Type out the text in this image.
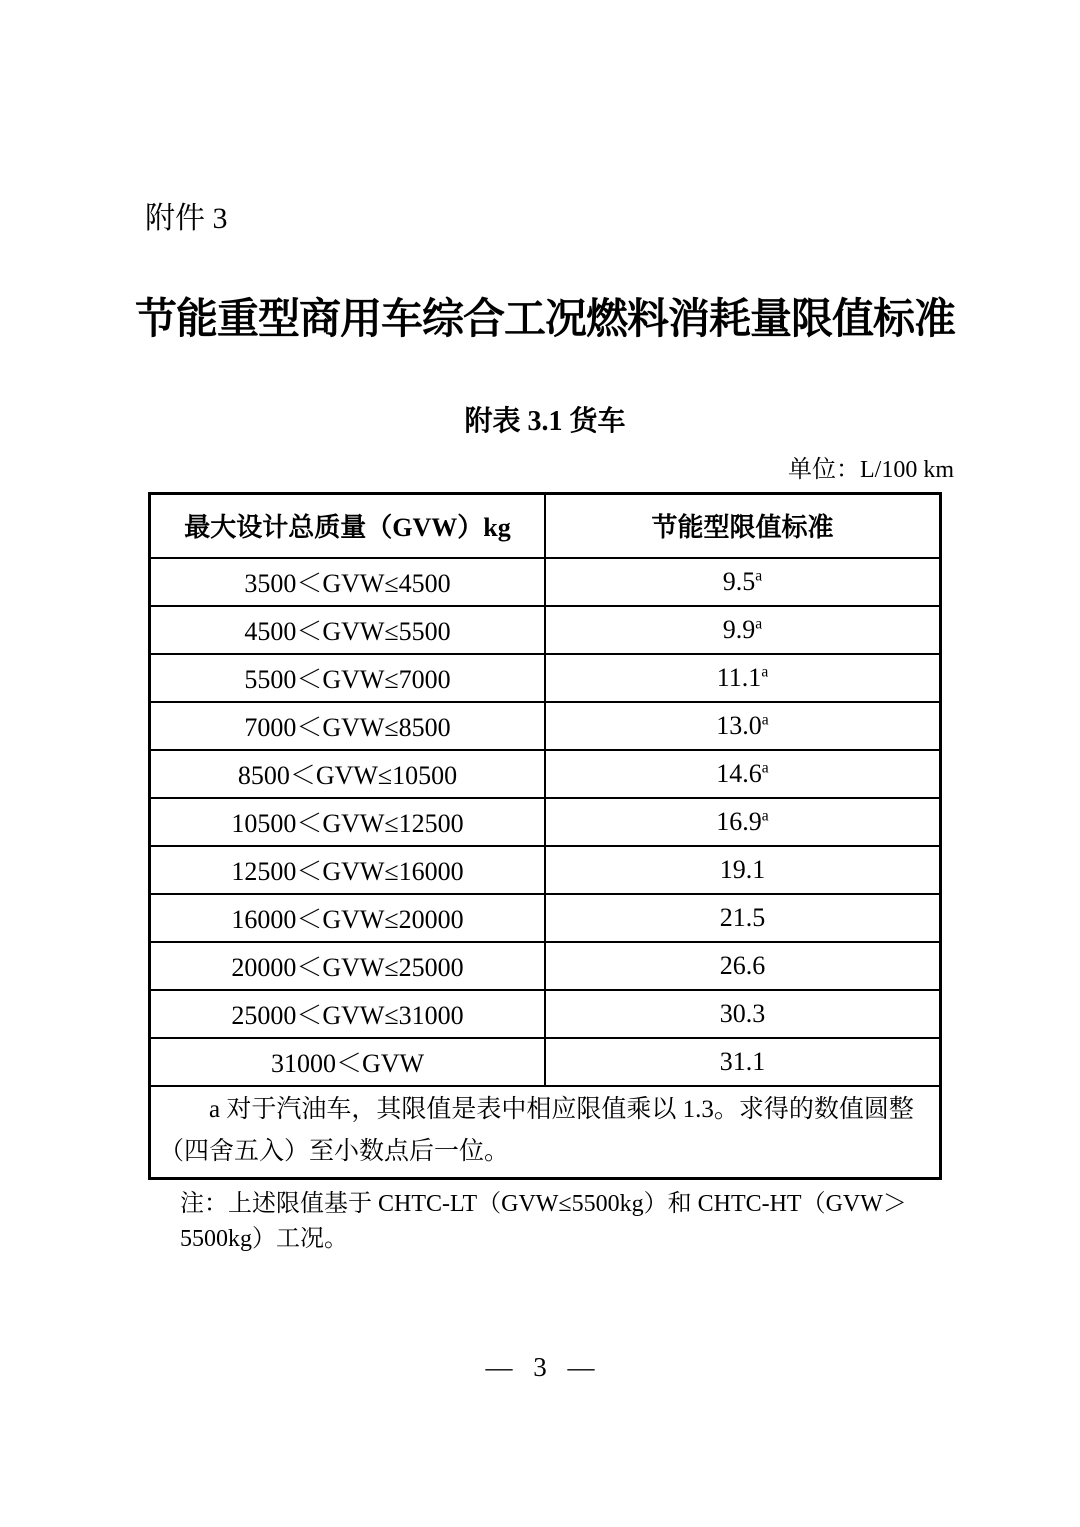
附件 3
节能重型商用车综合工况燃料消耗量限值标准
附表 3.1 货车
单位：L/100 km
最大设计总质量（GVW）kg	节能型限值标准
3500＜GVW≤4500	9.5$^a$
4500＜GVW≤5500	9.9$^a$
5500＜GVW≤7000	11.1$^a$
7000＜GVW≤8500	13.0$^a$
8500＜GVW≤10500	14.6$^a$
10500＜GVW≤12500	16.9$^a$
12500＜GVW≤16000	19.1
16000＜GVW≤20000	21.5
20000＜GVW≤25000	26.6
25000＜GVW≤31000	30.3
31000＜GVW	31.1
a 对于汽油车，其限值是表中相应限值乘以 1.3。求得的数值圆整（四舍五入）至小数点后一位。	
注：上述限值基于 CHTC-LT（GVW≤5500kg）和 CHTC-HT（GVW＞5500kg）工况。
— 3 —
